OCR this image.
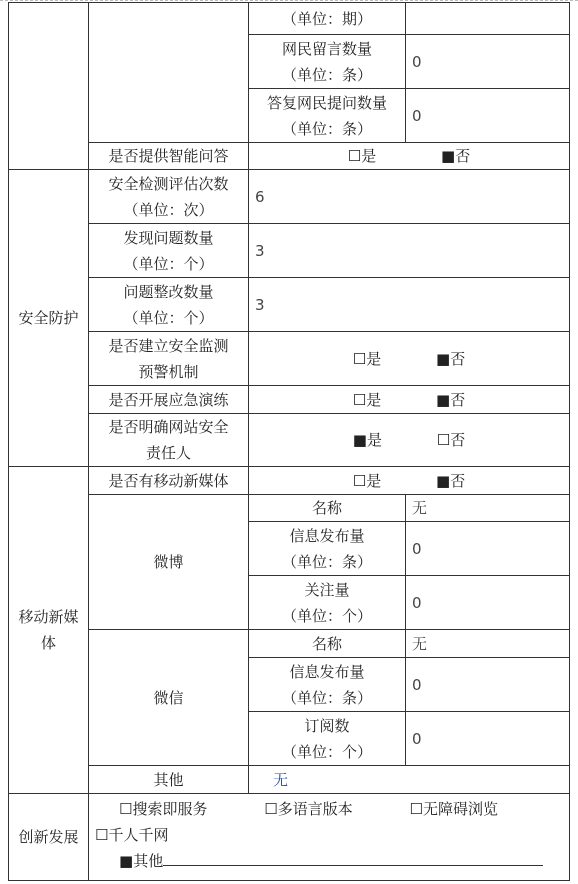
		（单位：期）	

		网民留言数量
（单位：条）	0

		答复网民提问数量
（单位：条）	0
	是否提供智能问答	☐是 ■否	
安全防护	安全检测评估次数
（单位：次）	6	

	发现问题数量
（单位：个）	3	

	问题整改数量
（单位：个）	3	

	是否建立安全监测
预警机制	☐是 ■否	
	是否开展应急演练	☐是 ■否	

	是否明确网站安全
责任人	■是 ☐否	

移动新媒
体	是否有移动新媒体	☐是 ■否	
	微博	名称	无

		信息发布量
（单位：条）	0

		关注量
（单位：个）	0
	微信	名称	无

		信息发布量
（单位：条）	0

		订阅数
（单位：个）	0
	其他	无	
创新发展	☐搜索即服务 ☐多语言版本 ☐无障碍浏览
☐千人千网
■其他		
